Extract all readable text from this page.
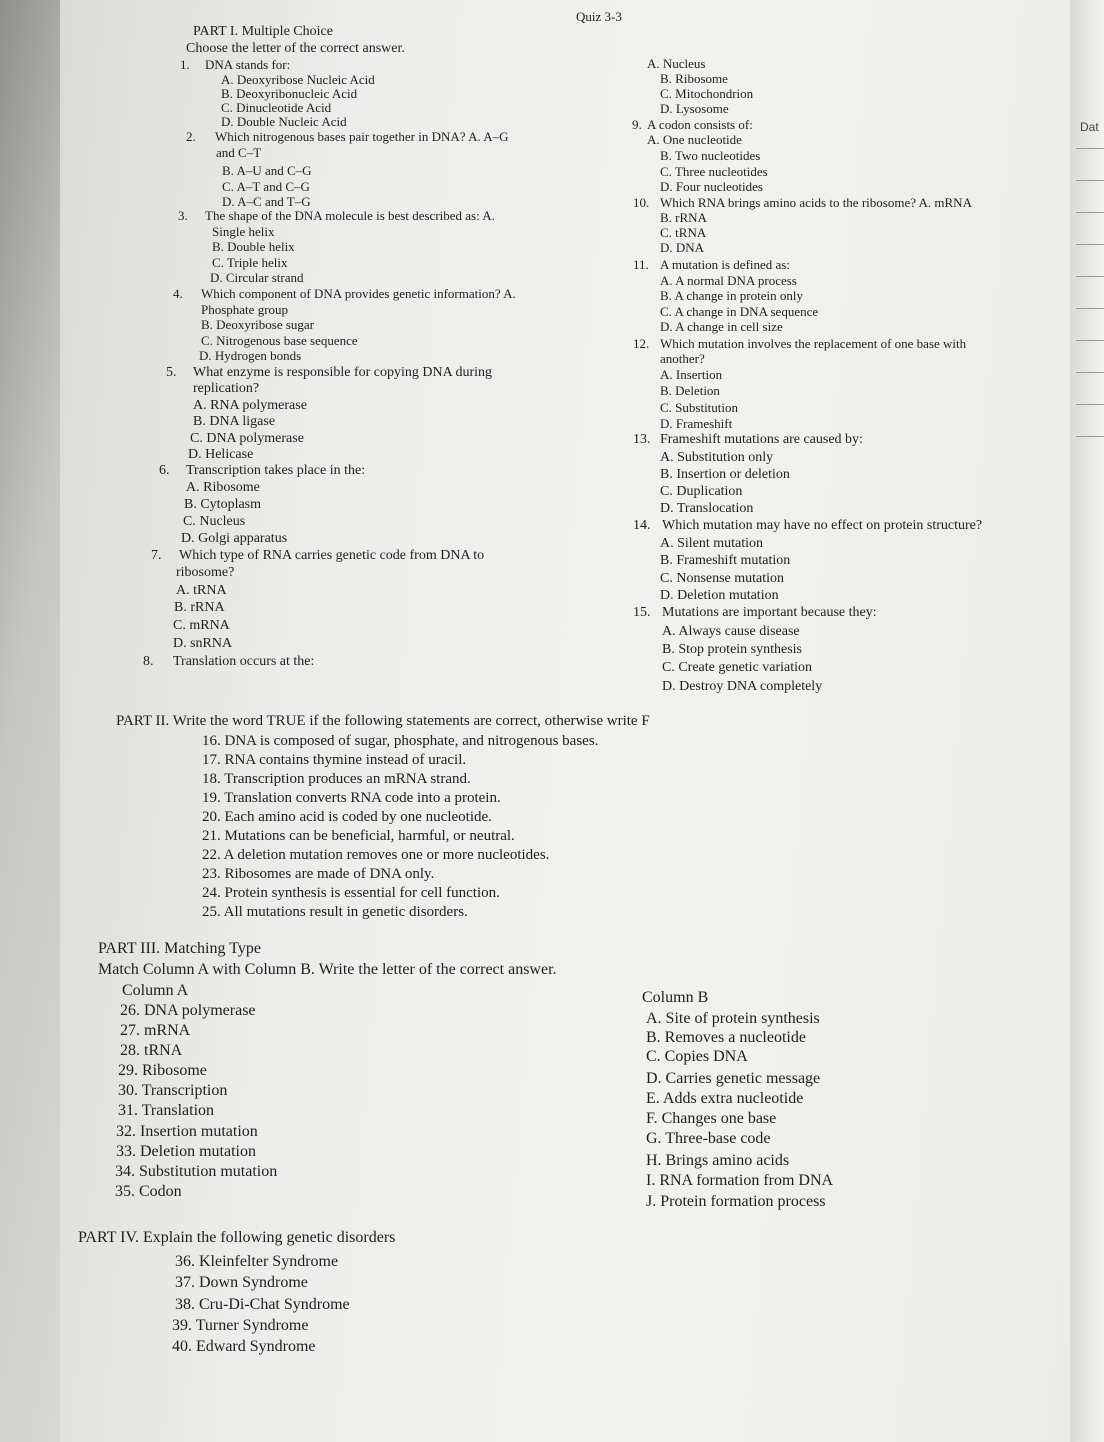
Dat
Quiz 3-3
PART I. Multiple Choice
Choose the letter of the correct answer.
1. DNA stands for:
A. Deoxyribose Nucleic Acid
B. Deoxyribonucleic Acid
C. Dinucleotide Acid
D. Double Nucleic Acid
2. Which nitrogenous bases pair together in DNA? A. A–G
and C–T
B. A–U and C–G
C. A–T and C–G
D. A–C and T–G
3. The shape of the DNA molecule is best described as: A.
Single helix
B. Double helix
C. Triple helix
D. Circular strand
4. Which component of DNA provides genetic information? A.
Phosphate group
B. Deoxyribose sugar
C. Nitrogenous base sequence
D. Hydrogen bonds
5. What enzyme is responsible for copying DNA during
replication?
A. RNA polymerase
B. DNA ligase
C. DNA polymerase
D. Helicase
6. Transcription takes place in the:
A. Ribosome
B. Cytoplasm
C. Nucleus
D. Golgi apparatus
7. Which type of RNA carries genetic code from DNA to
ribosome?
A. tRNA
B. rRNA
C. mRNA
D. snRNA
8. Translation occurs at the:
A. Nucleus
B. Ribosome
C. Mitochondrion
D. Lysosome
9. A codon consists of:
A. One nucleotide
B. Two nucleotides
C. Three nucleotides
D. Four nucleotides
10. Which RNA brings amino acids to the ribosome? A. mRNA
B. rRNA
C. tRNA
D. DNA
11. A mutation is defined as:
A. A normal DNA process
B. A change in protein only
C. A change in DNA sequence
D. A change in cell size
12. Which mutation involves the replacement of one base with
another?
A. Insertion
B. Deletion
C. Substitution
D. Frameshift
13. Frameshift mutations are caused by:
A. Substitution only
B. Insertion or deletion
C. Duplication
D. Translocation
14. Which mutation may have no effect on protein structure?
A. Silent mutation
B. Frameshift mutation
C. Nonsense mutation
D. Deletion mutation
15. Mutations are important because they:
A. Always cause disease
B. Stop protein synthesis
C. Create genetic variation
D. Destroy DNA completely
PART II. Write the word TRUE if the following statements are correct, otherwise write F
16. DNA is composed of sugar, phosphate, and nitrogenous bases.
17. RNA contains thymine instead of uracil.
18. Transcription produces an mRNA strand.
19. Translation converts RNA code into a protein.
20. Each amino acid is coded by one nucleotide.
21. Mutations can be beneficial, harmful, or neutral.
22. A deletion mutation removes one or more nucleotides.
23. Ribosomes are made of DNA only.
24. Protein synthesis is essential for cell function.
25. All mutations result in genetic disorders.
PART III. Matching Type
Match Column A with Column B. Write the letter of the correct answer.
Column A	Column B
26. DNA polymerase
27. mRNA
28. tRNA
29. Ribosome
30. Transcription
31. Translation
32. Insertion mutation
33. Deletion mutation
34. Substitution mutation
35. Codon
A. Site of protein synthesis
B. Removes a nucleotide
C. Copies DNA
D. Carries genetic message
E. Adds extra nucleotide
F. Changes one base
G. Three-base code
H. Brings amino acids
I. RNA formation from DNA
J. Protein formation process
PART IV. Explain the following genetic disorders
36. Kleinfelter Syndrome
37. Down Syndrome
38. Cru-Di-Chat Syndrome
39. Turner Syndrome
40. Edward Syndrome
